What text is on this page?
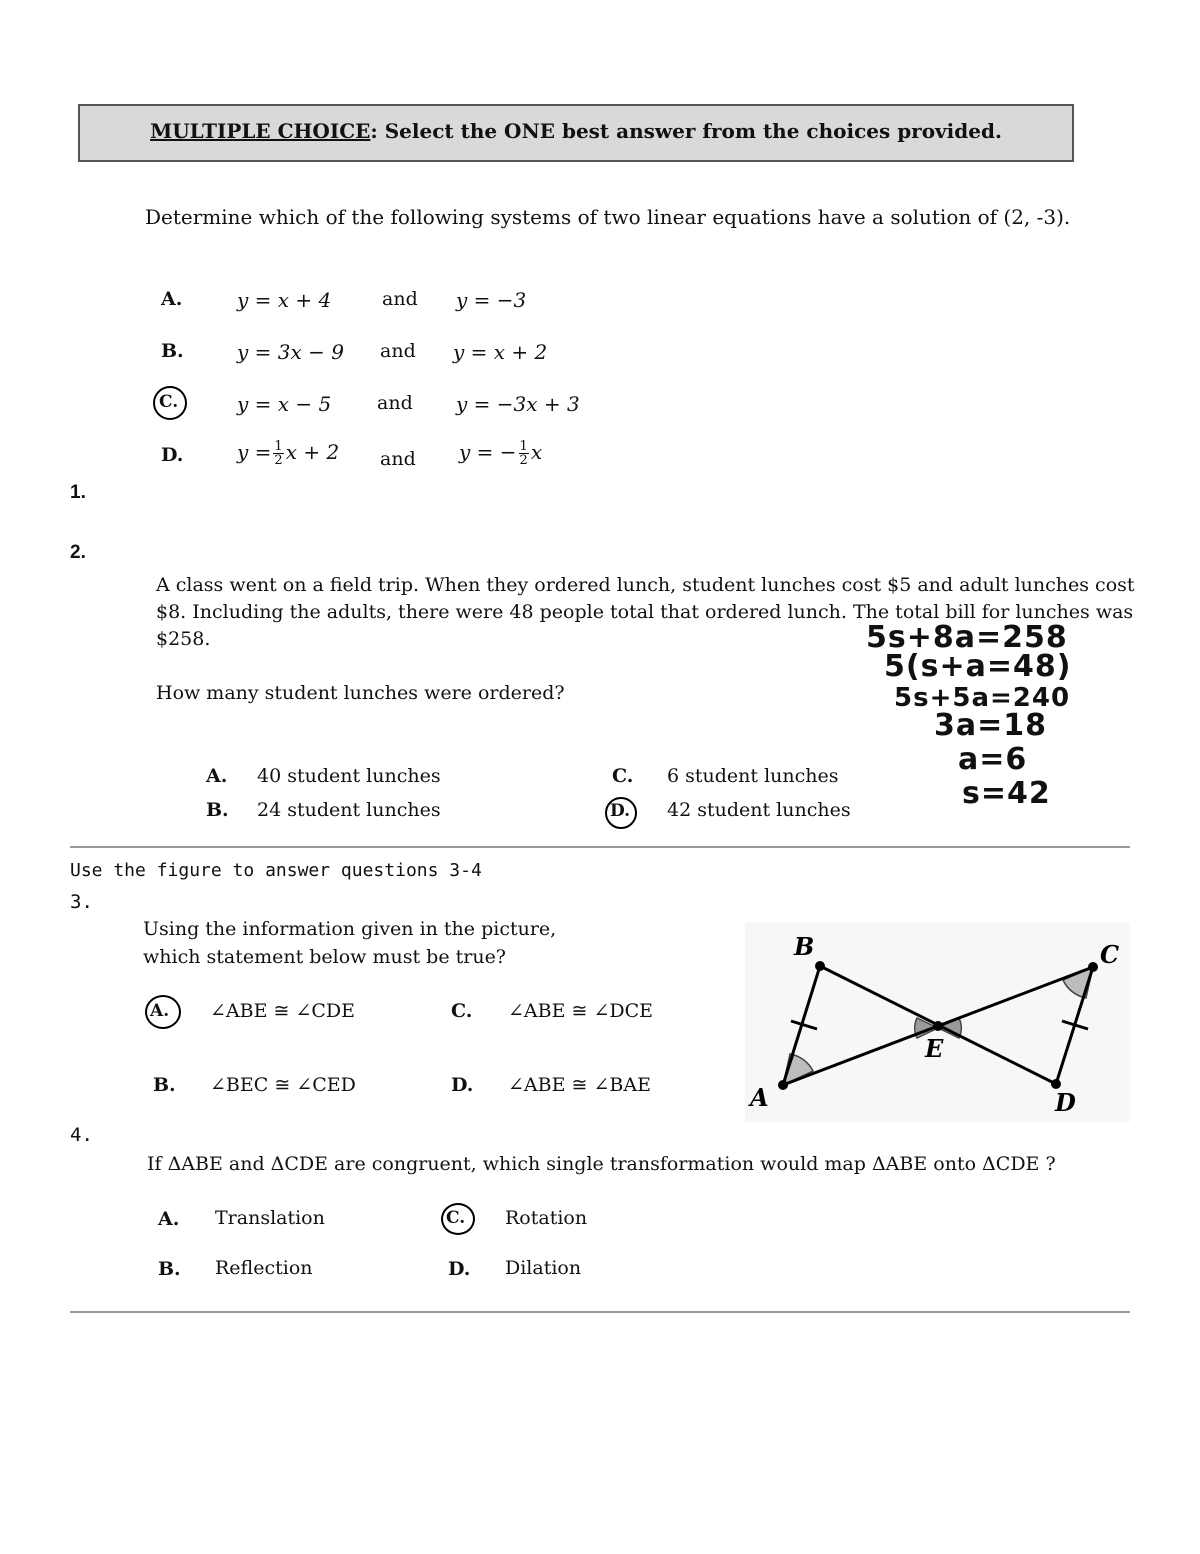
MULTIPLE CHOICE: Select the ONE best answer from the choices provided.
Determine which of the following systems of two linear equations have a solution of (2, -3).
A.	y = x + 4	and y = −3
B.	y = 3x − 9 and y = x + 2
C.	y = x − 5 and y = −3x + 3
D.	$y = \frac{1}{2}$ x + 2 and y = − $\frac{1}{2}$ x
1.
2.
A class went on a field trip. When they ordered lunch, student lunches cost $5 and adult lunches cost
$8. Including the adults, there were 48 people total that ordered lunch. The total bill for lunches was
$258.
How many student lunches were ordered?
A. 40 student lunches
B. 24 student lunches
C. 6 student lunches
D. 42 student lunches
5s+8a=258
5(s+a=48)
5s+5a=240
3a=18
a=6
s=42
Use the figure to answer questions 3-4
3.
Using the information given in the picture,
which statement below must be true?
A. ∠ABE ≅ ∠CDE
B. ∠BEC ≅ ∠CED
C. ∠ABE ≅ ∠DCE
D. ∠ABE ≅ ∠BAE
B	C
A	D
E
4.
If ΔABE and ΔCDE are congruent, which single transformation would map ΔABE onto ΔCDE ?
A. Translation
B. Reflection
C. Rotation
D. Dilation
